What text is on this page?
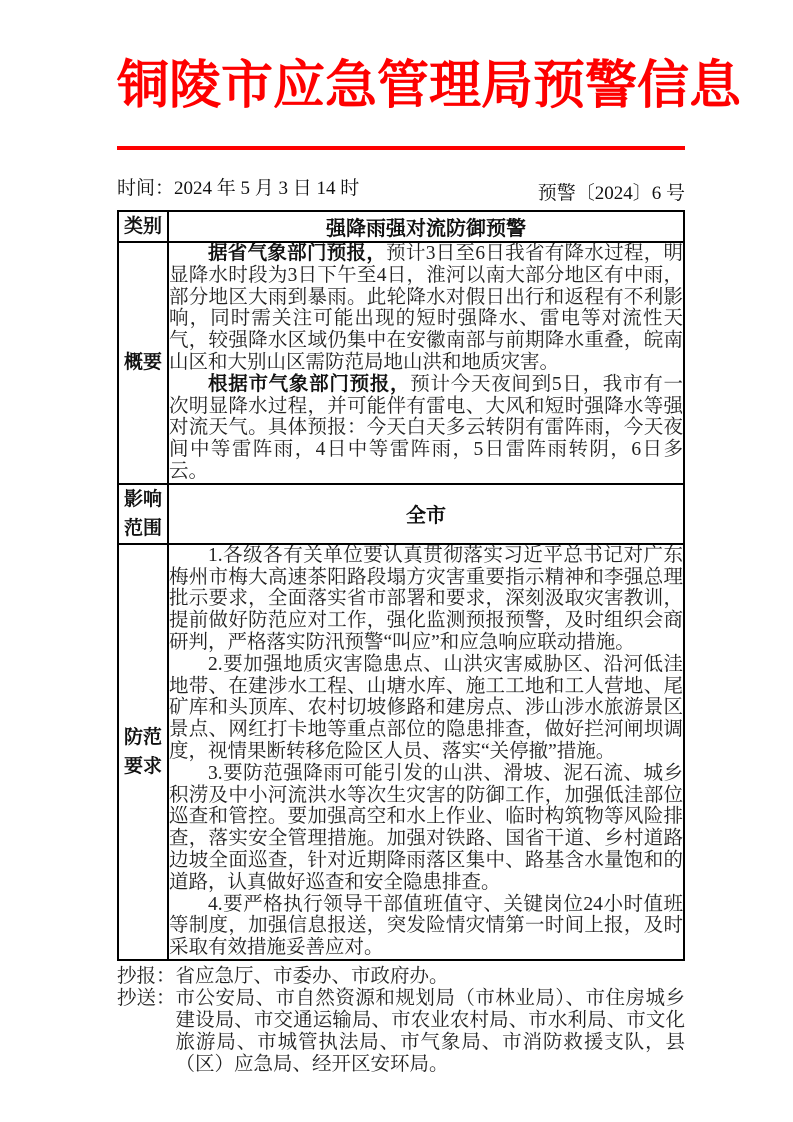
铜陵市应急管理局预警信息
时间：2024 年 5 月 3 日 14 时	预警〔2024〕6 号
类别	强降雨强对流防御预警
概要	据省气象部门预报，预计3日至6日我省有降水过程，明显降水时段为3日下午至4日，淮河以南大部分地区有中雨，部分地区大雨到暴雨。此轮降水对假日出行和返程有不利影响，同时需关注可能出现的短时强降水、雷电等对流性天气，较强降水区域仍集中在安徽南部与前期降水重叠，皖南山区和大别山区需防范局地山洪和地质灾害。

根据市气象部门预报，预计今天夜间到5日，我市有一次明显降水过程，并可能伴有雷电、大风和短时强降水等强对流天气。具体预报：今天白天多云转阴有雷阵雨，今天夜间中等雷阵雨，4日中等雷阵雨，5日雷阵雨转阴，6日多云。

影响范围	全市
防范要求	1.各级各有关单位要认真贯彻落实习近平总书记对广东梅州市梅大高速茶阳路段塌方灾害重要指示精神和李强总理批示要求，全面落实省市部署和要求，深刻汲取灾害教训，提前做好防范应对工作，强化监测预报预警，及时组织会商研判，严格落实防汛预警“叫应”和应急响应联动措施。

2.要加强地质灾害隐患点、山洪灾害威胁区、沿河低洼地带、在建涉水工程、山塘水库、施工工地和工人营地、尾矿库和头顶库、农村切坡修路和建房点、涉山涉水旅游景区景点、网红打卡地等重点部位的隐患排查，做好拦河闸坝调度，视情果断转移危险区人员、落实“关停撤”措施。

3.要防范强降雨可能引发的山洪、滑坡、泥石流、城乡积涝及中小河流洪水等次生灾害的防御工作，加强低洼部位巡查和管控。要加强高空和水上作业、临时构筑物等风险排查，落实安全管理措施。加强对铁路、国省干道、乡村道路边坡全面巡查，针对近期降雨落区集中、路基含水量饱和的道路，认真做好巡查和安全隐患排查。

4.要严格执行领导干部值班值守、关键岗位24小时值班等制度，加强信息报送，突发险情灾情第一时间上报，及时采取有效措施妥善应对。

抄报： 省应急厅、市委办、市政府办。
抄送： 市公安局、市自然资源和规划局（市林业局）、市住房城乡建设局、市交通运输局、市农业农村局、市水利局、市文化旅游局、市城管执法局、市气象局、市消防救援支队，县（区）应急局、经开区安环局。
